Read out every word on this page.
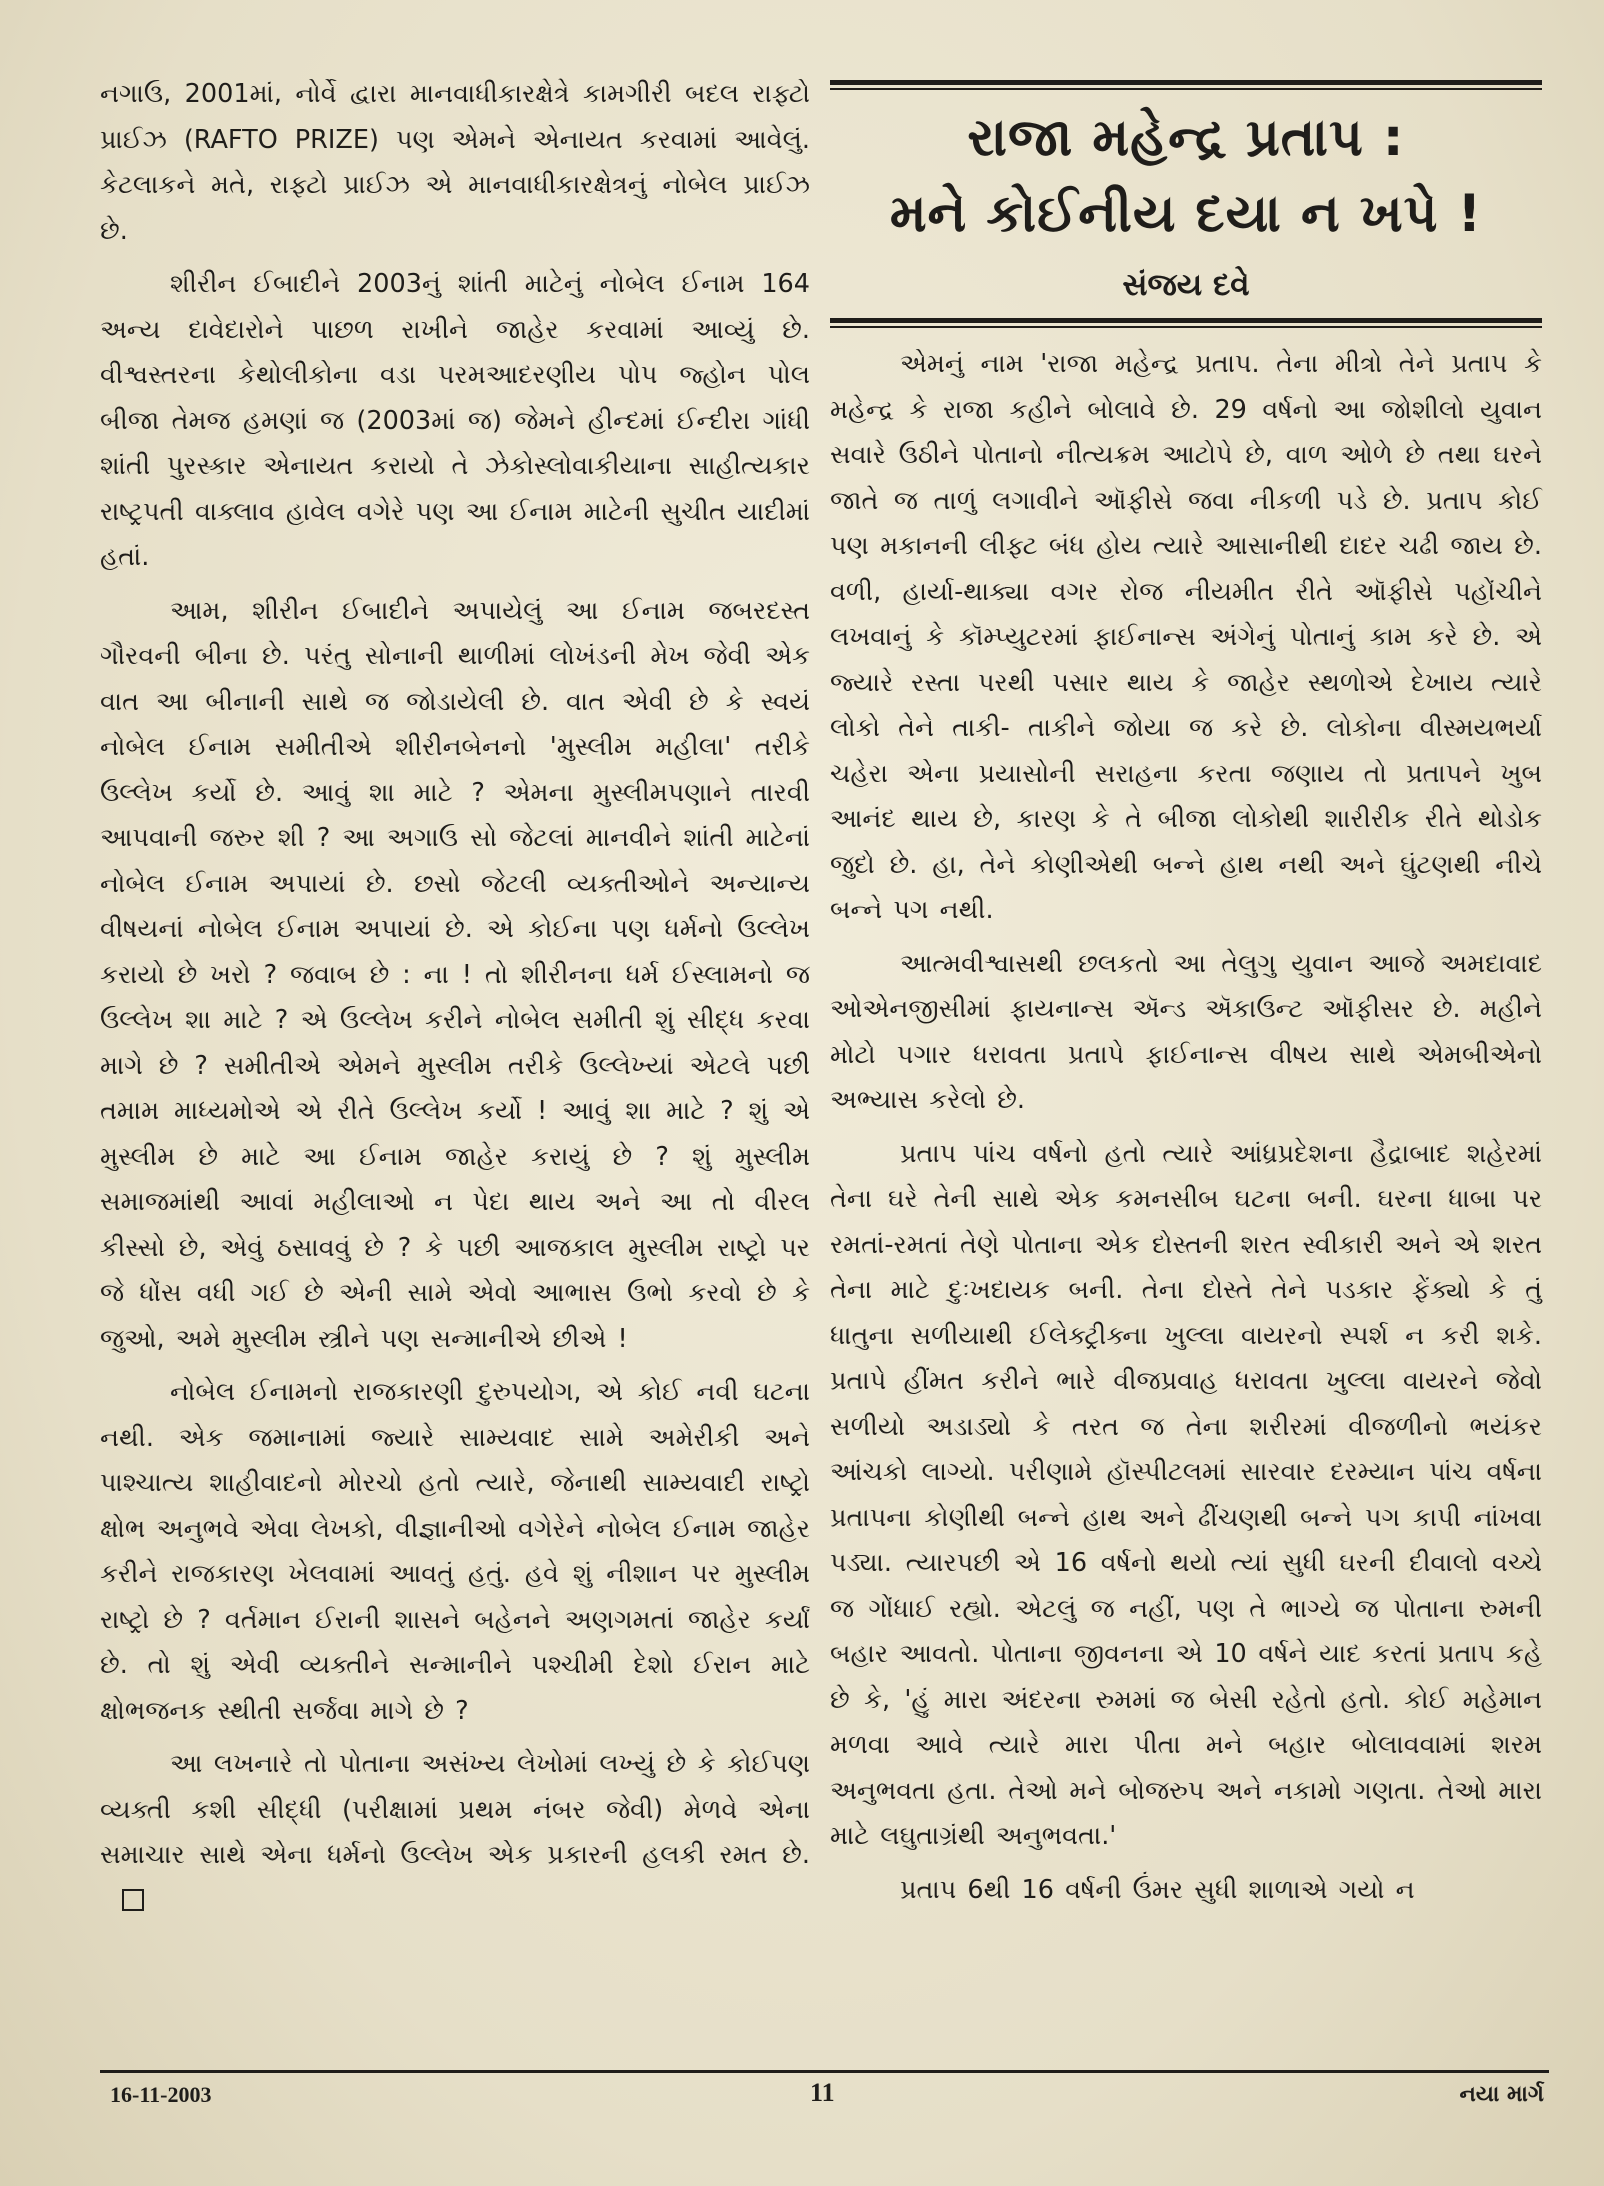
નગાઉ, 2001માં, નોર્વે દ્વારા માનવાધીકારક્ષેત્રે કામગીરી બદલ રાફ્ટો પ્રાઈઝ (RAFTO PRIZE) પણ એમને એનાયત કરવામાં આવેલું. કેટલાકને મતે, રાફ્ટો પ્રાઈઝ એ માનવાધીકારક્ષેત્રનું નોબેલ પ્રાઈઝ છે.

શીરીન ઈબાદીને 2003નું શાંતી માટેનું નોબેલ ઈનામ 164 અન્ય દાવેદારોને પાછળ રાખીને જાહેર કરવામાં આવ્યું છે. વીશ્વસ્તરના કેથોલીકોના વડા પરમઆદરણીય પોપ જ્હોન પોલ બીજા તેમજ હમણાં જ (2003માં જ) જેમને હીન્દમાં ઈન્દીરા ગાંધી શાંતી પુરસ્કાર એનાયત કરાયો તે ઝેકોસ્લોવાકીયાના સાહીત્યકાર રાષ્ટ્રપતી વાક્લાવ હાવેલ વગેરે પણ આ ઈનામ માટેની સુચીત યાદીમાં હતાં.

આમ, શીરીન ઈબાદીને અપાયેલું આ ઈનામ જબરદસ્ત ગૌરવની બીના છે. પરંતુ સોનાની થાળીમાં લોખંડની મેખ જેવી એક વાત આ બીનાની સાથે જ જોડાયેલી છે. વાત એવી છે કે સ્વયં નોબેલ ઈનામ સમીતીએ શીરીનબેનનો 'મુસ્લીમ મહીલા' તરીકે ઉલ્લેખ કર્યો છે. આવું શા માટે ? એમના મુસ્લીમપણાને તારવી આપવાની જરુર શી ? આ અગાઉ સો જેટલાં માનવીને શાંતી માટેનાં નોબેલ ઈનામ અપાયાં છે. છસો જેટલી વ્યક્તીઓને અન્યાન્ય વીષયનાં નોબેલ ઈનામ અપાયાં છે. એ કોઈના પણ ધર્મનો ઉલ્લેખ કરાયો છે ખરો ? જવાબ છે : ના ! તો શીરીનના ધર્મ ઈસ્લામનો જ ઉલ્લેખ શા માટે ? એ ઉલ્લેખ કરીને નોબેલ સમીતી શું સીદ્ધ કરવા માગે છે ? સમીતીએ એમને મુસ્લીમ તરીકે ઉલ્લેખ્યાં એટલે પછી તમામ માધ્યમોએ એ રીતે ઉલ્લેખ કર્યો ! આવું શા માટે ? શું એ મુસ્લીમ છે માટે આ ઈનામ જાહેર કરાયું છે ? શું મુસ્લીમ સમાજમાંથી આવાં મહીલાઓ ન પેદા થાય અને આ તો વીરલ કીસ્સો છે, એવું ઠસાવવું છે ? કે પછી આજકાલ મુસ્લીમ રાષ્ટ્રો પર જે ધોંસ વધી ગઈ છે એની સામે એવો આભાસ ઉભો કરવો છે કે જુઓ, અમે મુસ્લીમ સ્ત્રીને પણ સન્માનીએ છીએ !

નોબેલ ઈનામનો રાજકારણી દુરુપયોગ, એ કોઈ નવી ઘટના નથી. એક જમાનામાં જ્યારે સામ્યવાદ સામે અમેરીકી અને પાશ્ચાત્ય શાહીવાદનો મોરચો હતો ત્યારે, જેનાથી સામ્યવાદી રાષ્ટ્રો ક્ષોભ અનુભવે એવા લેખકો, વીજ્ઞાનીઓ વગેરેને નોબેલ ઈનામ જાહેર કરીને રાજકારણ ખેલવામાં આવતું હતું. હવે શું નીશાન પર મુસ્લીમ રાષ્ટ્રો છે ? વર્તમાન ઈરાની શાસને બહેનને અણગમતાં જાહેર કર્યાં છે. તો શું એવી વ્યક્તીને સન્માનીને પશ્ચીમી દેશો ઈરાન માટે ક્ષોભજનક સ્થીતી સર્જવા માગે છે ?

આ લખનારે તો પોતાના અસંખ્ય લેખોમાં લખ્યું છે કે કોઈપણ વ્યક્તી કશી સીદ્ધી (પરીક્ષામાં પ્રથમ નંબર જેવી) મેળવે એના સમાચાર સાથે એના ધર્મનો ઉલ્લેખ એક પ્રકારની હલકી રમત છે.

રાજા મહેન્દ્ર પ્રતાપ :
મને કોઈનીય દયા ન ખપે !
સંજય દવે

એમનું નામ 'રાજા મહેન્દ્ર પ્રતાપ. તેના મીત્રો તેને પ્રતાપ કે મહેન્દ્ર કે રાજા કહીને બોલાવે છે. 29 વર્ષનો આ જોશીલો યુવાન સવારે ઉઠીને પોતાનો નીત્યક્રમ આટોપે છે, વાળ ઓળે છે તથા ઘરને જાતે જ તાળું લગાવીને ઑફીસે જવા નીકળી પડે છે. પ્રતાપ કોઈ પણ મકાનની લીફ્ટ બંધ હોય ત્યારે આસાનીથી દાદર ચઢી જાય છે. વળી, હાર્યા-થાક્યા વગર રોજ નીયમીત રીતે ઑફીસે પહોંચીને લખવાનું કે કૉમ્પ્યુટરમાં ફાઈનાન્સ અંગેનું પોતાનું કામ કરે છે. એ જ્યારે રસ્તા પરથી પસાર થાય કે જાહેર સ્થળોએ દેખાય ત્યારે લોકો તેને તાકી- તાકીને જોયા જ કરે છે. લોકોના વીસ્મયભર્યા ચહેરા એના પ્રયાસોની સરાહના કરતા જણાય તો પ્રતાપને ખુબ આનંદ થાય છે, કારણ કે તે બીજા લોકોથી શારીરીક રીતે થોડોક જુદો છે. હા, તેને કોણીએથી બન્ને હાથ નથી અને ઘુંટણથી નીચે બન્ને પગ નથી.

આત્મવીશ્વાસથી છલકતો આ તેલુગુ યુવાન આજે અમદાવાદ ઓએનજીસીમાં ફાયનાન્સ ઍન્ડ ઍકાઉન્ટ ઑફીસર છે. મહીને મોટો પગાર ધરાવતા પ્રતાપે ફાઈનાન્સ વીષય સાથે એમબીએનો અભ્યાસ કરેલો છે.

પ્રતાપ પાંચ વર્ષનો હતો ત્યારે આંધ્રપ્રદેશના હૈદ્રાબાદ શહેરમાં તેના ઘરે તેની સાથે એક કમનસીબ ઘટના બની. ઘરના ધાબા પર રમતાં-રમતાં તેણે પોતાના એક દોસ્તની શરત સ્વીકારી અને એ શરત તેના માટે દુઃખદાયક બની. તેના દોસ્તે તેને પડકાર ફેંક્યો કે તું ધાતુના સળીયાથી ઈલેક્ટ્રીક્ના ખુલ્લા વાયરનો સ્પર્શ ન કરી શકે. પ્રતાપે હીંમત કરીને ભારે વીજપ્રવાહ ધરાવતા ખુલ્લા વાયરને જેવો સળીયો અડાડ્યો કે તરત જ તેના શરીરમાં વીજળીનો ભયંકર આંચકો લાગ્યો. પરીણામે હૉસ્પીટલમાં સારવાર દરમ્યાન પાંચ વર્ષના પ્રતાપના કોણીથી બન્ને હાથ અને ઢીંચણથી બન્ને પગ કાપી નાંખવા પડ્યા. ત્યારપછી એ 16 વર્ષનો થયો ત્યાં સુધી ઘરની દીવાલો વચ્ચે જ ગોંધાઈ રહ્યો. એટલું જ નહીં, પણ તે ભાગ્યે જ પોતાના રુમની બહાર આવતો. પોતાના જીવનના એ 10 વર્ષને યાદ કરતાં પ્રતાપ કહે છે કે, 'હું મારા અંદરના રુમમાં જ બેસી રહેતો હતો. કોઈ મહેમાન મળવા આવે ત્યારે મારા પીતા મને બહાર બોલાવવામાં શરમ અનુભવતા હતા. તેઓ મને બોજરુપ અને નકામો ગણતા. તેઓ મારા માટે લઘુતાગ્રંથી અનુભવતા.'

પ્રતાપ 6થી 16 વર્ષની ઉંમર સુધી શાળાએ ગયો ન

16-11-2003	11	નયા માર્ગ
